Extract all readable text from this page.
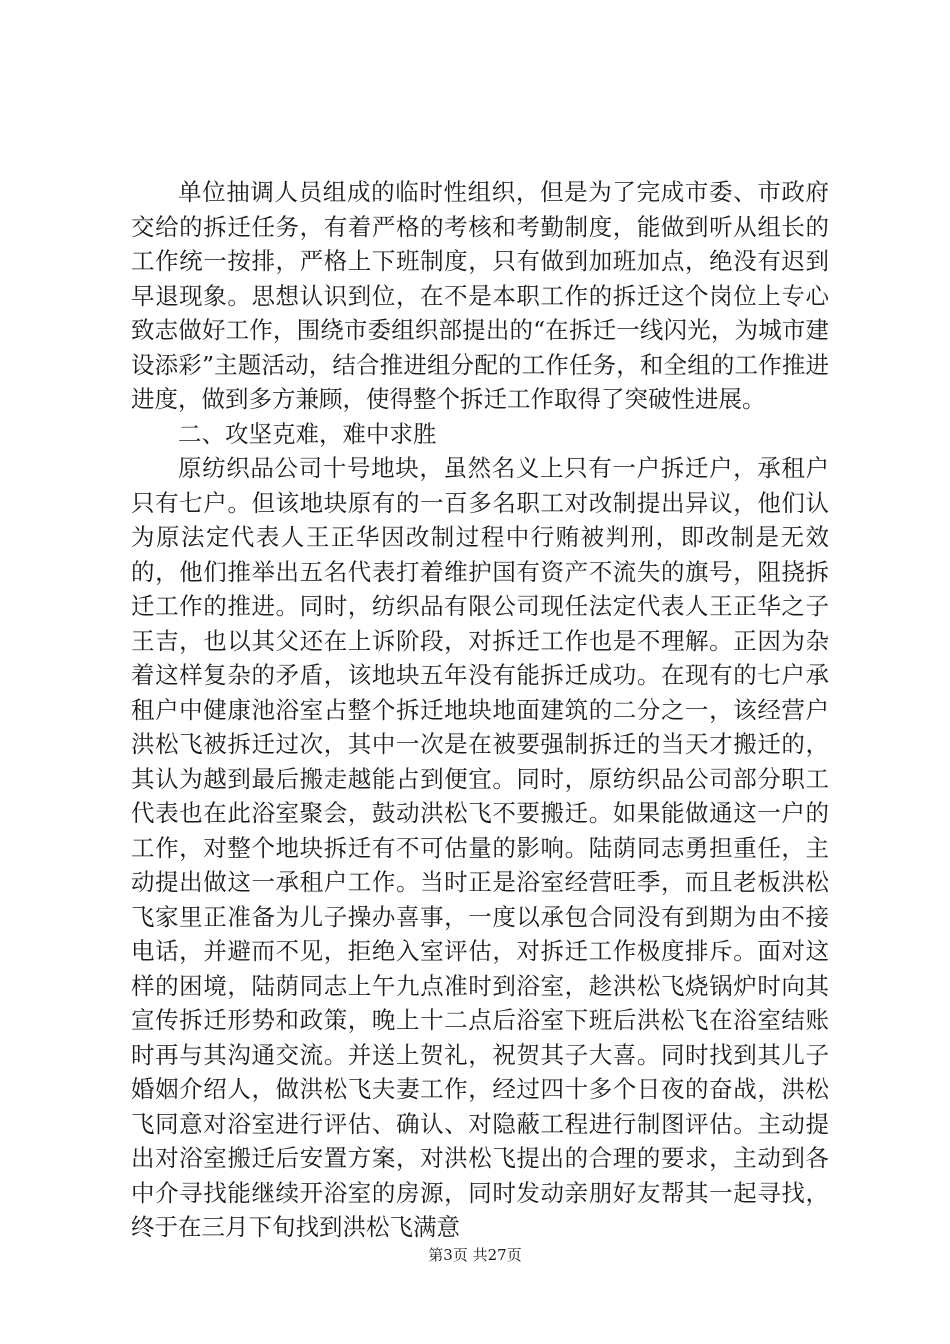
单位抽调人员组成的临时性组织，但是为了完成市委、市政府交给的拆迁任务，有着严格的考核和考勤制度，能做到听从组长的工作统一按排，严格上下班制度，只有做到加班加点，绝没有迟到早退现象。思想认识到位，在不是本职工作的拆迁这个岗位上专心致志做好工作，围绕市委组织部提出的“在拆迁一线闪光，为城市建设添彩”主题活动，结合推进组分配的工作任务，和全组的工作推进进度，做到多方兼顾，使得整个拆迁工作取得了突破性进展。

二、攻坚克难，难中求胜

原纺织品公司十号地块，虽然名义上只有一户拆迁户，承租户只有七户。但该地块原有的一百多名职工对改制提出异议，他们认为原法定代表人王正华因改制过程中行贿被判刑，即改制是无效的，他们推举出五名代表打着维护国有资产不流失的旗号，阻挠拆迁工作的推进。同时，纺织品有限公司现任法定代表人王正华之子王吉，也以其父还在上诉阶段，对拆迁工作也是不理解。正因为杂着这样复杂的矛盾，该地块五年没有能拆迁成功。在现有的七户承租户中健康池浴室占整个拆迁地块地面建筑的二分之一，该经营户洪松飞被拆迁过次，其中一次是在被要强制拆迁的当天才搬迁的，其认为越到最后搬走越能占到便宜。同时，原纺织品公司部分职工代表也在此浴室聚会，鼓动洪松飞不要搬迁。如果能做通这一户的工作，对整个地块拆迁有不可估量的影响。陆荫同志勇担重任，主动提出做这一承租户工作。当时正是浴室经营旺季，而且老板洪松飞家里正准备为儿子操办喜事，一度以承包合同没有到期为由不接电话，并避而不见，拒绝入室评估，对拆迁工作极度排斥。面对这样的困境，陆荫同志上午九点准时到浴室，趁洪松飞烧锅炉时向其宣传拆迁形势和政策，晚上十二点后浴室下班后洪松飞在浴室结账时再与其沟通交流。并送上贺礼，祝贺其子大喜。同时找到其儿子婚姻介绍人，做洪松飞夫妻工作，经过四十多个日夜的奋战，洪松飞同意对浴室进行评估、确认、对隐蔽工程进行制图评估。主动提出对浴室搬迁后安置方案，对洪松飞提出的合理的要求，主动到各中介寻找能继续开浴室的房源，同时发动亲朋好友帮其一起寻找，终于在三月下旬找到洪松飞满意

第3页 共27页
